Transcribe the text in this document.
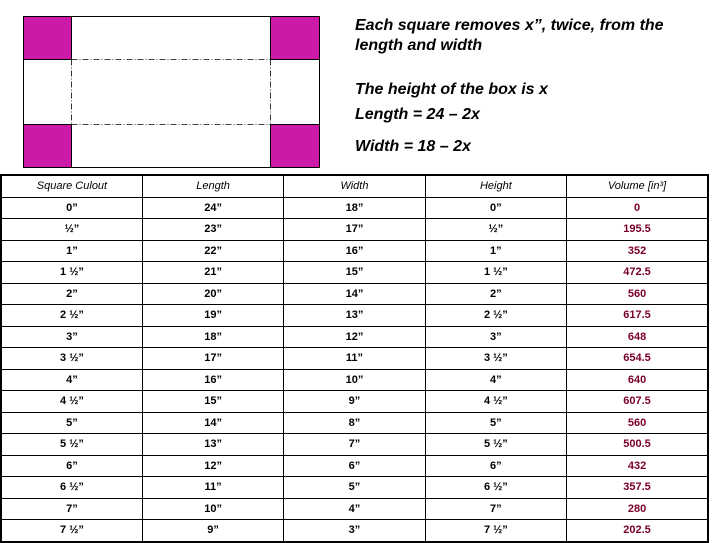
Each square removes x”, twice, from the length and width

The height of the box is x

Length = 24 – 2x

Width = 18 – 2x

Square Culout	Length	Width	Height	Volume [in³]
0”	24”	18”	0”	0
½”	23”	17”	½”	195.5
1”	22”	16”	1”	352
1 ½”	21”	15”	1 ½”	472.5
2”	20”	14”	2”	560
2 ½”	19”	13”	2 ½”	617.5
3”	18”	12”	3”	648
3 ½”	17”	11”	3 ½”	654.5
4”	16”	10”	4”	640
4 ½”	15”	9”	4 ½”	607.5
5”	14”	8”	5”	560
5 ½”	13”	7”	5 ½”	500.5
6”	12”	6”	6”	432
6 ½”	11”	5”	6 ½”	357.5
7”	10”	4”	7”	280
7 ½”	9”	3”	7 ½”	202.5
